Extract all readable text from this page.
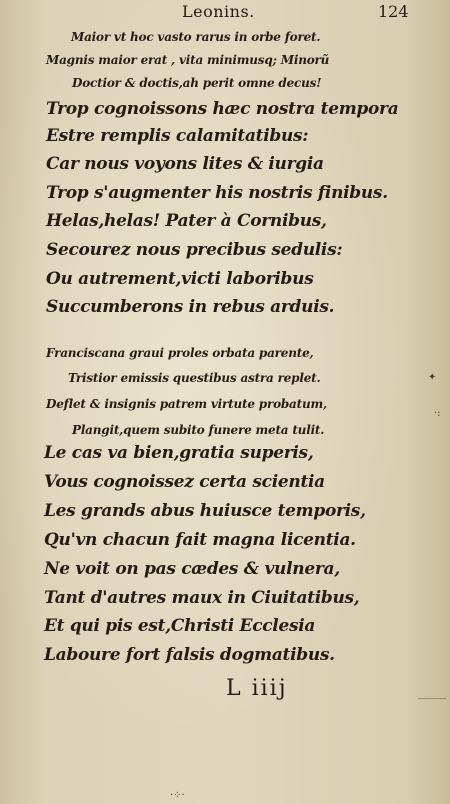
Leonins.	124
Maior vt hoc vasto rarus in orbe foret.
Magnis maior erat , vita minimusq; Minorũ
Doctior & doctis,ah perit omne decus!
Trop cognoissons hæc nostra tempora
Estre remplis calamitatibus:
Car nous voyons lites & iurgia
Trop s'augmenter his nostris finibus.
Helas,helas! Pater à Cornibus,
Secourez nous precibus sedulis:
Ou autrement,victi laboribus
Succumberons in rebus arduis.
Franciscana graui proles orbata parente,
Tristior emissis questibus astra replet.
Deflet & insignis patrem virtute probatum,
Plangit,quem subito funere meta tulit.
Le cas va bien,gratia superis,
Vous cognoissez certa scientia
Les grands abus huiusce temporis,
Qu'vn chacun fait magna licentia.
Ne voit on pas cædes & vulnera,
Tant d'autres maux in Ciuitatibus,
Et qui pis est,Christi Ecclesia
Laboure fort falsis dogmatibus.
L iiij
✦
·:
·⁘·
